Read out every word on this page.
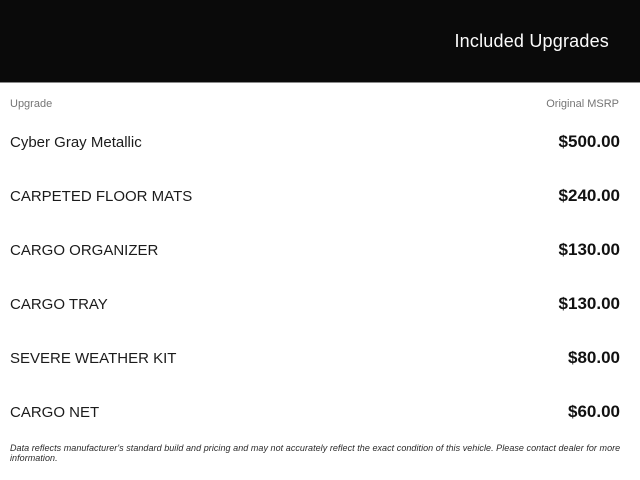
Included Upgrades
Upgrade	Original MSRP
Cyber Gray Metallic	$500.00
CARPETED FLOOR MATS	$240.00
CARGO ORGANIZER	$130.00
CARGO TRAY	$130.00
SEVERE WEATHER KIT	$80.00
CARGO NET	$60.00
Data reflects manufacturer's standard build and pricing and may not accurately reflect the exact condition of this vehicle. Please contact dealer for more information.
